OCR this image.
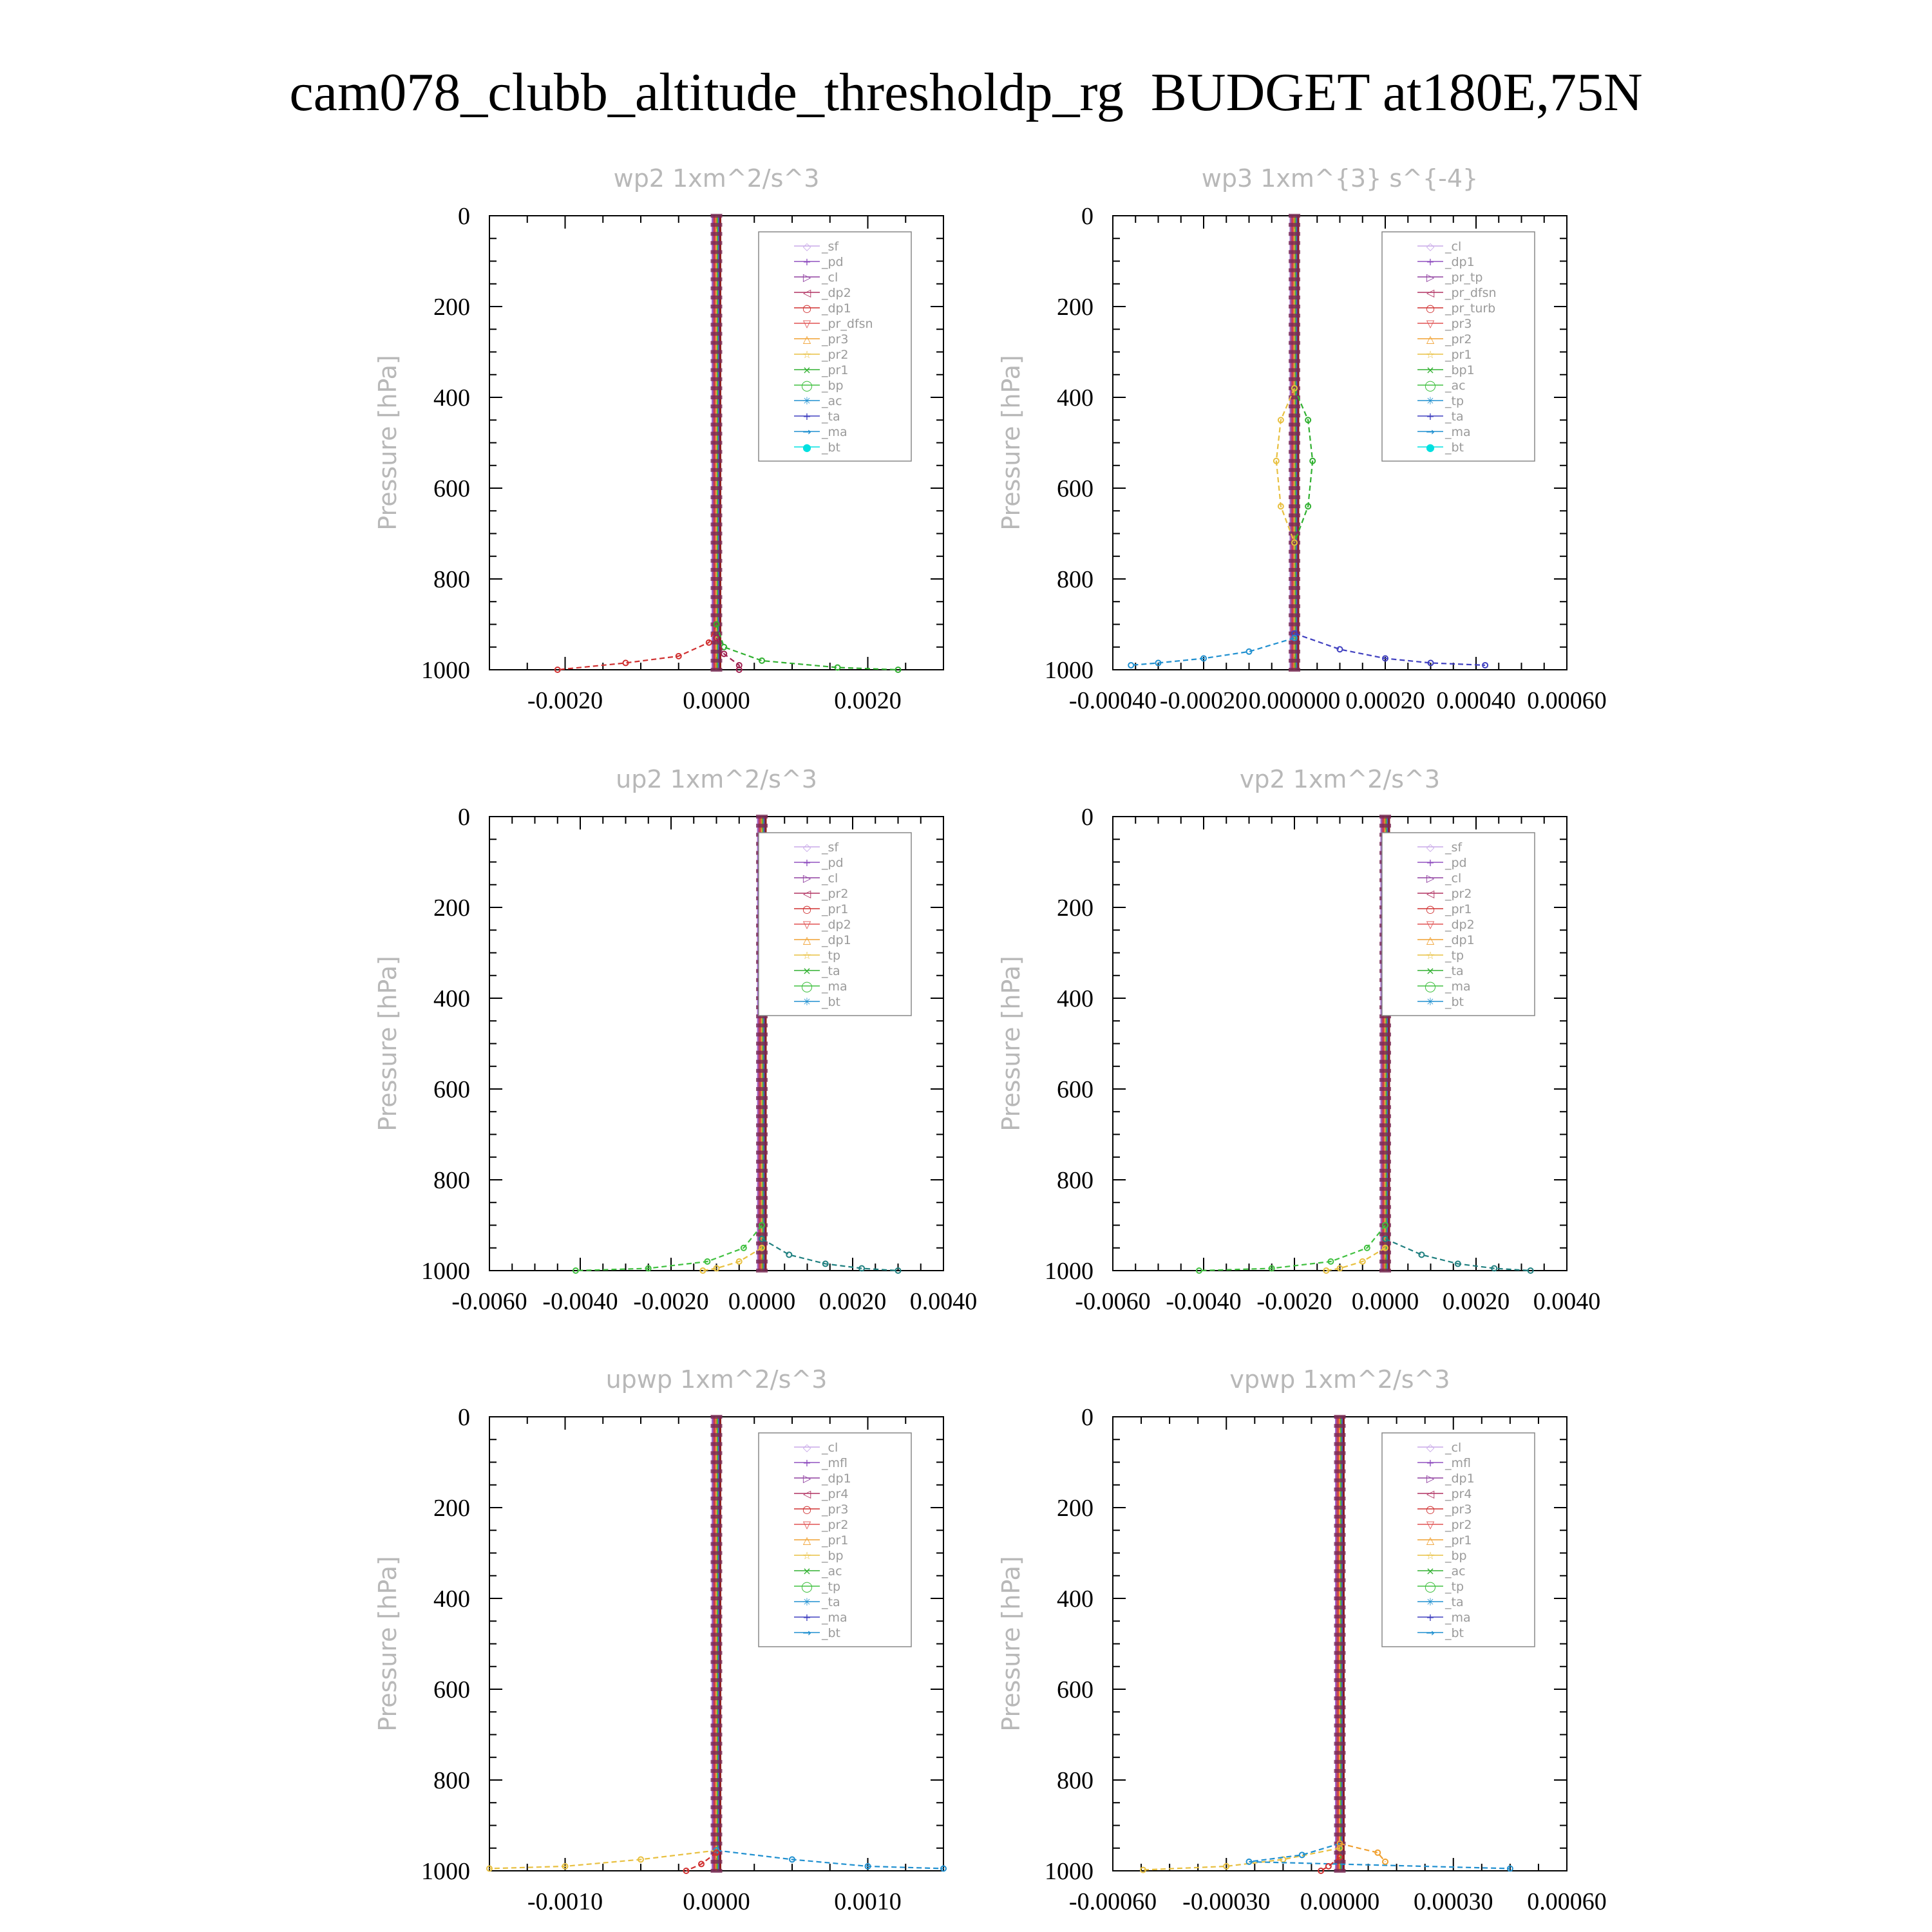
cam078_clubb_altitude_thresholdp_rg  BUDGET at180E,75N
wp2 1xm^2/s^3
Pressure [hPa]
0
200
400
600
800
1000
-0.0020	0.0000	0.0020
◇ _sf
+ _pd
▷ _cl
◁ _dp2
○ _dp1
▽ _pr_dfsn
△ _pr3
☆ _pr2
× _pr1
◯ _bp
✳ _ac
+ _ta
→ _ma
● _bt
wp3 1xm^{3} s^{-4}
Pressure [hPa]
0
200
400
600
800
1000
-0.00040 -0.00020 0.000000 0.00020 0.00040 0.00060
◇ _cl
+ _dp1
▷ _pr_tp
◁ _pr_dfsn
○ _pr_turb
▽ _pr3
△ _pr2
☆ _pr1
× _bp1
◯ _ac
✳ _tp
+ _ta
→ _ma
● _bt
up2 1xm^2/s^3
Pressure [hPa]
0
200
400
600
800
1000
-0.0060 -0.0040 -0.0020 0.0000 0.0020 0.0040
◇ _sf
+ _pd
▷ _cl
◁ _pr2
○ _pr1
▽ _dp2
△ _dp1
☆ _tp
× _ta
◯ _ma
✳ _bt
vp2 1xm^2/s^3
Pressure [hPa]
0
200
400
600
800
1000
-0.0060 -0.0040 -0.0020 0.0000 0.0020 0.0040
◇ _sf
+ _pd
▷ _cl
◁ _pr2
○ _pr1
▽ _dp2
△ _dp1
☆ _tp
× _ta
◯ _ma
✳ _bt
upwp 1xm^2/s^3
Pressure [hPa]
0
200
400
600
800
1000
-0.0010	0.0000	0.0010
◇ _cl
+ _mfl
▷ _dp1
◁ _pr4
○ _pr3
▽ _pr2
△ _pr1
☆ _bp
× _ac
◯ _tp
✳ _ta
+ _ma
→ _bt
vpwp 1xm^2/s^3
Pressure [hPa]
0
200
400
600
800
1000
-0.00060 -0.00030 0.00000 0.00030 0.00060
◇ _cl
+ _mfl
▷ _dp1
◁ _pr4
○ _pr3
▽ _pr2
△ _pr1
☆ _bp
× _ac
◯ _tp
✳ _ta
+ _ma
→ _bt
